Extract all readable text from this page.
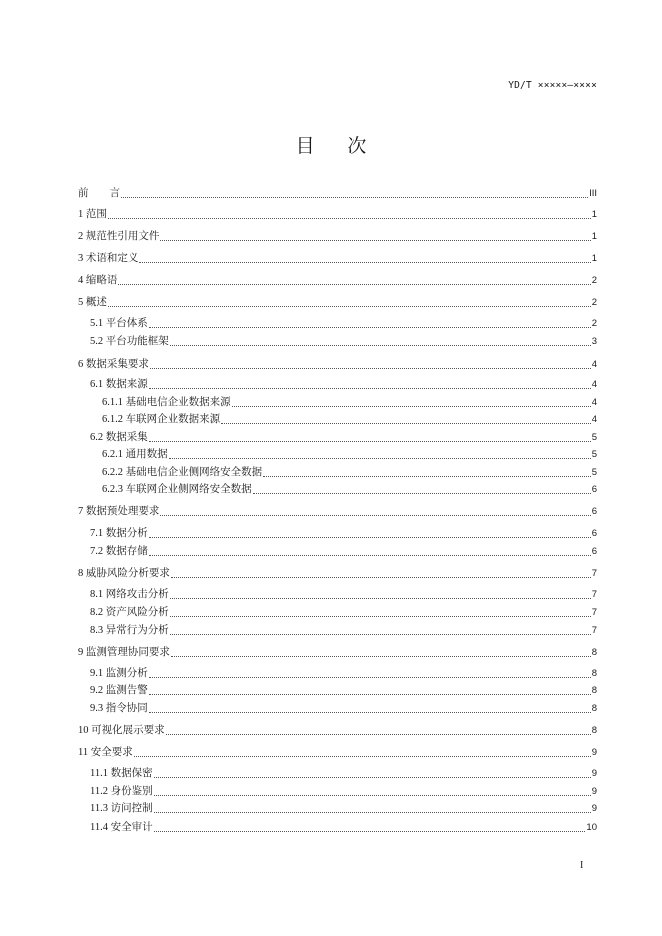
YD/T ×××××—××××
目 次
前　　言	III
1 范围	1
2 规范性引用文件	1
3 术语和定义	1
4 缩略语	2
5 概述	2
5.1 平台体系	2
5.2 平台功能框架	3
6 数据采集要求	4
6.1 数据来源	4
6.1.1 基础电信企业数据来源	4
6.1.2 车联网企业数据来源	4
6.2 数据采集	5
6.2.1 通用数据	5
6.2.2 基础电信企业侧网络安全数据	5
6.2.3 车联网企业侧网络安全数据	6
7 数据预处理要求	6
7.1 数据分析	6
7.2 数据存储	6
8 威胁风险分析要求	7
8.1 网络攻击分析	7
8.2 资产风险分析	7
8.3 异常行为分析	7
9 监测管理协同要求	8
9.1 监测分析	8
9.2 监测告警	8
9.3 指令协同	8
10 可视化展示要求	8
11 安全要求	9
11.1 数据保密	9
11.2 身份鉴别	9
11.3 访问控制	9
11.4 安全审计	10
I
